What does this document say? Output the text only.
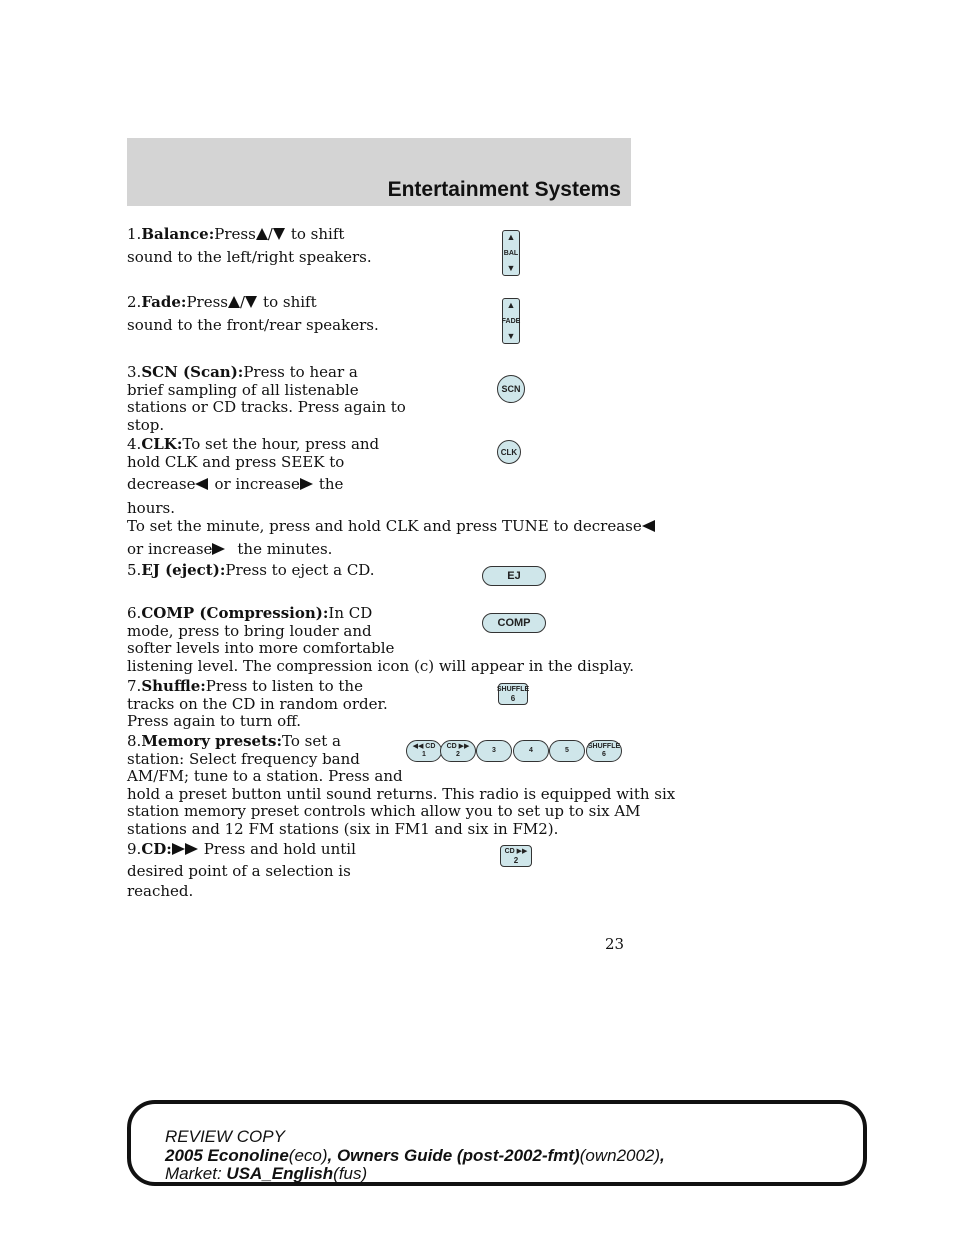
Entertainment Systems

1.Balance:Press / to shift
sound to the left/right speakers.

▲
BAL
▼

2.Fade:Press / to shift
sound to the front/rear speakers.

▲
FADE
▼

3.SCN (Scan):Press to hear a
brief sampling of all listenable
stations or CD tracks. Press again to
stop.

SCN

4.CLK:To set the hour, press and
hold CLK and press SEEK to
decrease or increase the
hours.

CLK

To set the minute, press and hold CLK and press TUNE to decrease
or increase the minutes.

5.EJ (eject):Press to eject a CD.	EJ

6.COMP (Compression):In CD
mode, press to bring louder and
softer levels into more comfortable
listening level. The compression icon (c) will appear in the display.

COMP

7.Shuffle:Press to listen to the
tracks on the CD in random order.
Press again to turn off.

SHUFFLE
6

8.Memory presets:To set a
station: Select frequency band
AM/FM; tune to a station. Press and
hold a preset button until sound returns. This radio is equipped with six
station memory preset controls which allow you to set up to six AM
stations and 12 FM stations (six in FM1 and six in FM2).

◀◀ CD
1
CD ▶▶
2
3	4	5
SHUFFLE
6

9.CD: Press and hold until
desired point of a selection is
reached.

CD ▶▶
2
23

REVIEW COPY

2005 Econoline(eco), Owners Guide (post-2002-fmt)(own2002),

Market: USA_English(fus)
